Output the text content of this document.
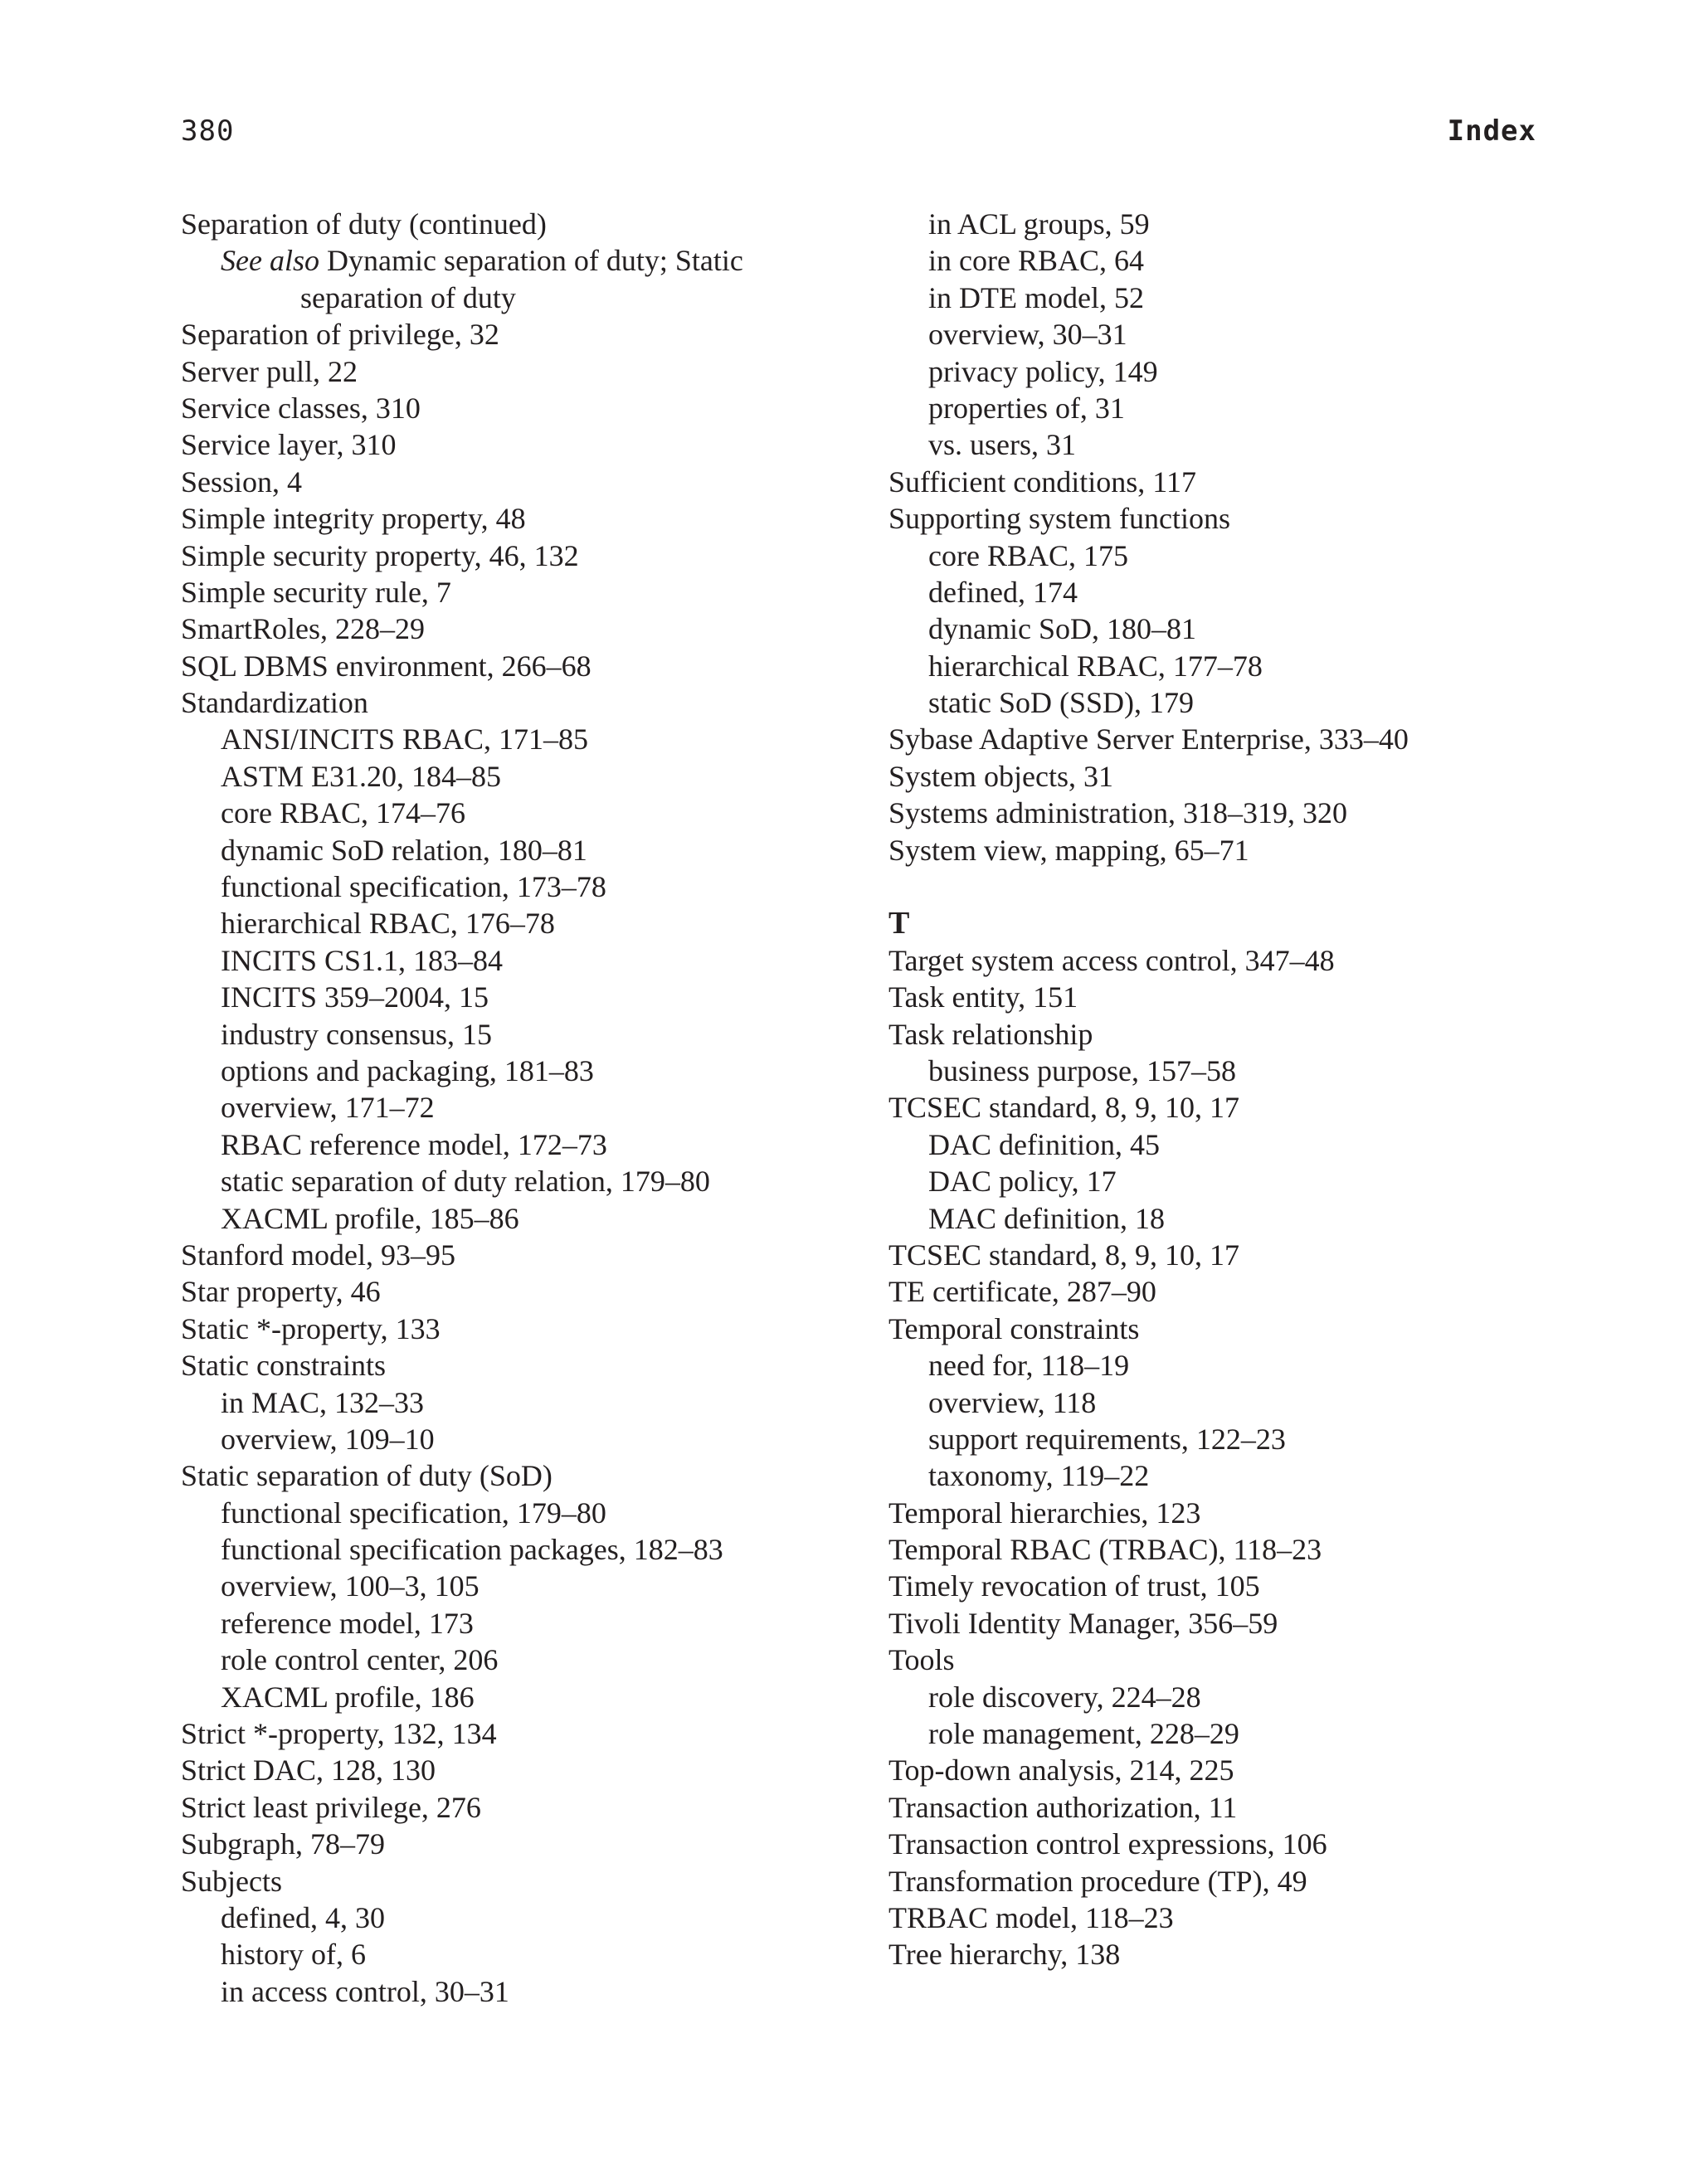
380	Index
Separation of duty (continued)
See also Dynamic separation of duty; Static
separation of duty
Separation of privilege, 32
Server pull, 22
Service classes, 310
Service layer, 310
Session, 4
Simple integrity property, 48
Simple security property, 46, 132
Simple security rule, 7
SmartRoles, 228–29
SQL DBMS environment, 266–68
Standardization
ANSI/INCITS RBAC, 171–85
ASTM E31.20, 184–85
core RBAC, 174–76
dynamic SoD relation, 180–81
functional specification, 173–78
hierarchical RBAC, 176–78
INCITS CS1.1, 183–84
INCITS 359–2004, 15
industry consensus, 15
options and packaging, 181–83
overview, 171–72
RBAC reference model, 172–73
static separation of duty relation, 179–80
XACML profile, 185–86
Stanford model, 93–95
Star property, 46
Static *-property, 133
Static constraints
in MAC, 132–33
overview, 109–10
Static separation of duty (SoD)
functional specification, 179–80
functional specification packages, 182–83
overview, 100–3, 105
reference model, 173
role control center, 206
XACML profile, 186
Strict *-property, 132, 134
Strict DAC, 128, 130
Strict least privilege, 276
Subgraph, 78–79
Subjects
defined, 4, 30
history of, 6
in access control, 30–31
in ACL groups, 59
in core RBAC, 64
in DTE model, 52
overview, 30–31
privacy policy, 149
properties of, 31
vs. users, 31
Sufficient conditions, 117
Supporting system functions
core RBAC, 175
defined, 174
dynamic SoD, 180–81
hierarchical RBAC, 177–78
static SoD (SSD), 179
Sybase Adaptive Server Enterprise, 333–40
System objects, 31
Systems administration, 318–319, 320
System view, mapping, 65–71
T
Target system access control, 347–48
Task entity, 151
Task relationship
business purpose, 157–58
TCSEC standard, 8, 9, 10, 17
DAC definition, 45
DAC policy, 17
MAC definition, 18
TCSEC standard, 8, 9, 10, 17
TE certificate, 287–90
Temporal constraints
need for, 118–19
overview, 118
support requirements, 122–23
taxonomy, 119–22
Temporal hierarchies, 123
Temporal RBAC (TRBAC), 118–23
Timely revocation of trust, 105
Tivoli Identity Manager, 356–59
Tools
role discovery, 224–28
role management, 228–29
Top-down analysis, 214, 225
Transaction authorization, 11
Transaction control expressions, 106
Transformation procedure (TP), 49
TRBAC model, 118–23
Tree hierarchy, 138
